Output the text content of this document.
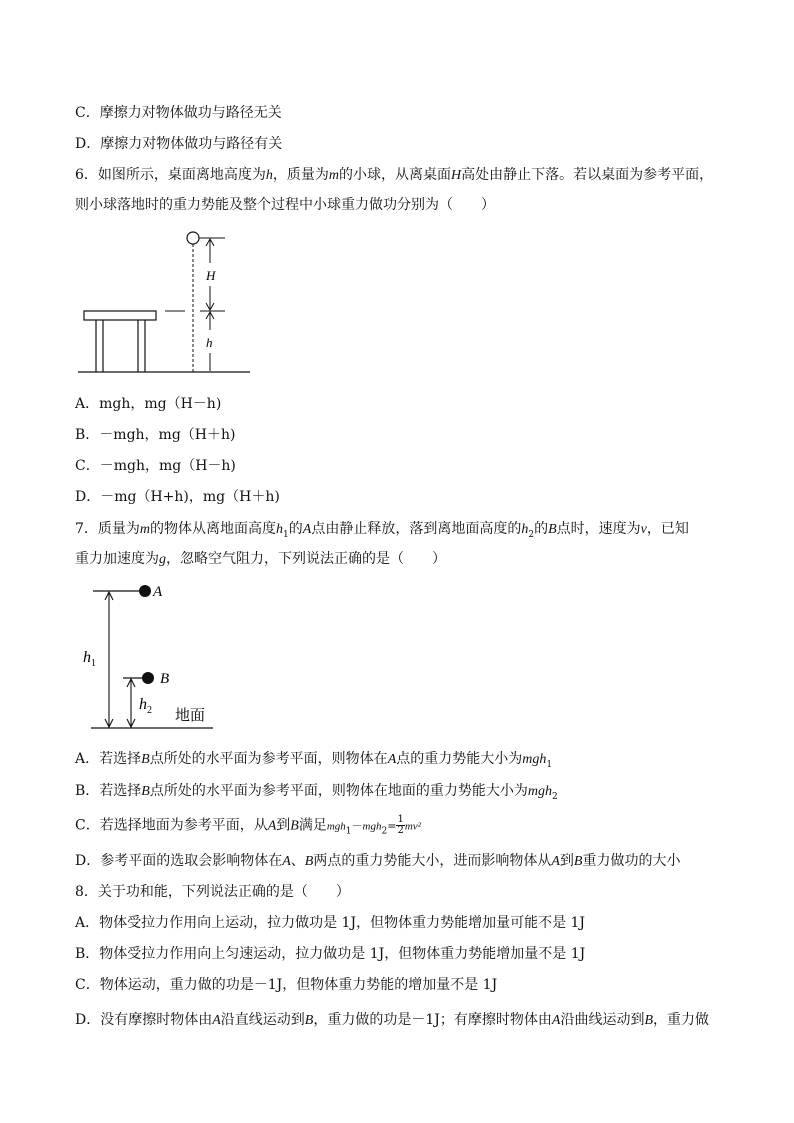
C．摩擦力对物体做功与路径无关
D．摩擦力对物体做功与路径有关
6．如图所示，桌面离地高度为h，质量为m的小球，从离桌面H高处由静止下落。若以桌面为参考平面，
则小球落地时的重力势能及整个过程中小球重力做功分别为（　　）
H
h
A．mgh，mg（H－h)
B．－mgh，mg（H＋h)
C．－mgh，mg（H－h)
D．－mg（H+h)，mg（H＋h)
7．质量为m的物体从离地面高度$h_1$的A点由静止释放，落到离地面高度的$h_2$的B点时，速度为v，已知
重力加速度为g，忽略空气阻力，下列说法正确的是（　　）
A
B
$h_1$
$h_2$ 地面
A．若选择B点所处的水平面为参考平面，则物体在A点的重力势能大小为mgh$_1$
B．若选择B点所处的水平面为参考平面，则物体在地面的重力势能大小为mgh$_2$
C．若选择地面为参考平面，从A到B满足$mgh_1-mgh_2= \frac{1}{2} mv^2$
D．参考平面的选取会影响物体在A、B两点的重力势能大小，进而影响物体从A到B重力做功的大小
8．关于功和能，下列说法正确的是（　　）
A．物体受拉力作用向上运动，拉力做功是 1J，但物体重力势能增加量可能不是 1J
B．物体受拉力作用向上匀速运动，拉力做功是 1J，但物体重力势能增加量不是 1J
C．物体运动，重力做的功是－1J，但物体重力势能的增加量不是 1J
D．没有摩擦时物体由A沿直线运动到B，重力做的功是－1J；有摩擦时物体由A沿曲线运动到B，重力做
